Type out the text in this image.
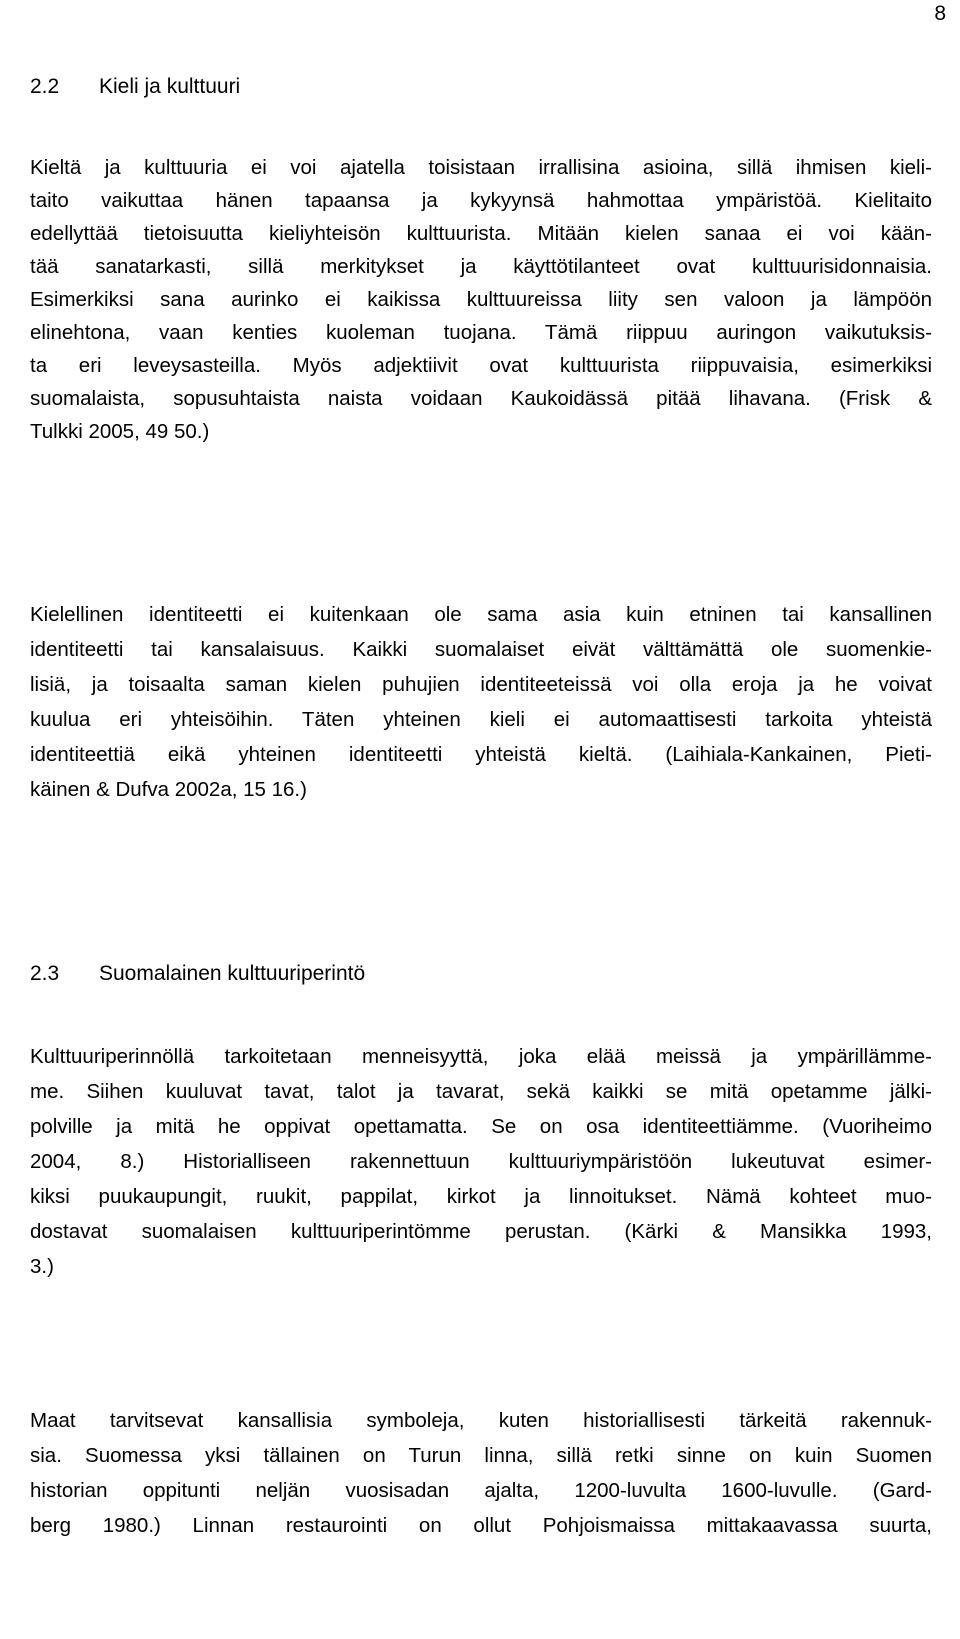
8
2.2 Kieli ja kulttuuri
Kieltä ja kulttuuria ei voi ajatella toisistaan irrallisina asioina, sillä ihmisen kieli-
taito vaikuttaa hänen tapaansa ja kykyynsä hahmottaa ympäristöä. Kielitaito
edellyttää tietoisuutta kieliyhteisön kulttuurista. Mitään kielen sanaa ei voi kään-
tää sanatarkasti, sillä merkitykset ja käyttötilanteet ovat kulttuurisidonnaisia.
Esimerkiksi sana aurinko ei kaikissa kulttuureissa liity sen valoon ja lämpöön
elinehtona, vaan kenties kuoleman tuojana. Tämä riippuu auringon vaikutuksis-
ta eri leveysasteilla. Myös adjektiivit ovat kulttuurista riippuvaisia, esimerkiksi
suomalaista, sopusuhtaista naista voidaan Kaukoidässä pitää lihavana. (Frisk &
Tulkki 2005, 49 50.)
Kielellinen identiteetti ei kuitenkaan ole sama asia kuin etninen tai kansallinen
identiteetti tai kansalaisuus. Kaikki suomalaiset eivät välttämättä ole suomenkie-
lisiä, ja toisaalta saman kielen puhujien identiteeteissä voi olla eroja ja he voivat
kuulua eri yhteisöihin. Täten yhteinen kieli ei automaattisesti tarkoita yhteistä
identiteettiä eikä yhteinen identiteetti yhteistä kieltä. (Laihiala-Kankainen, Pieti-
käinen & Dufva 2002a, 15 16.)
2.3 Suomalainen kulttuuriperintö
Kulttuuriperinnöllä tarkoitetaan menneisyyttä, joka elää meissä ja ympärillämme-
me. Siihen kuuluvat tavat, talot ja tavarat, sekä kaikki se mitä opetamme jälki-
polville ja mitä he oppivat opettamatta. Se on osa identiteettiämme. (Vuoriheimo
2004, 8.) Historialliseen rakennettuun kulttuuriympäristöön lukeutuvat esimer-
kiksi puukaupungit, ruukit, pappilat, kirkot ja linnoitukset. Nämä kohteet muo-
dostavat suomalaisen kulttuuriperintömme perustan. (Kärki & Mansikka 1993,
3.)
Maat tarvitsevat kansallisia symboleja, kuten historiallisesti tärkeitä rakennuk-
sia. Suomessa yksi tällainen on Turun linna, sillä retki sinne on kuin Suomen
historian oppitunti neljän vuosisadan ajalta, 1200-luvulta 1600-luvulle. (Gard-
berg 1980.) Linnan restaurointi on ollut Pohjoismaissa mittakaavassa suurta,
